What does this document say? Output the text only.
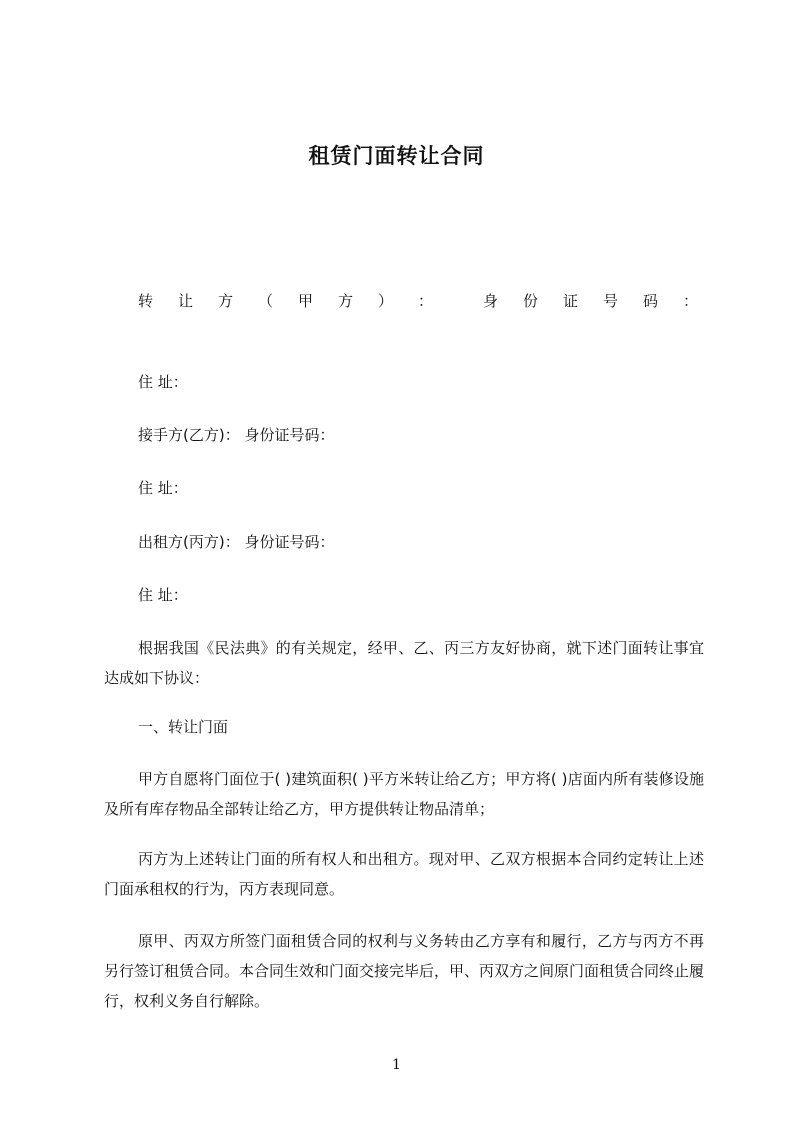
租赁门面转让合同
转 让 方 （ 甲 方 ） ：	身 份 证 号 码 ：
住 址：
接手方(乙方)： 身份证号码：
住 址：
出租方(丙方)： 身份证号码：
住 址：
根据我国《民法典》的有关规定，经甲、乙、丙三方友好协商，就下述门面转让事宜达成如下协议：
一、转让门面
甲方自愿将门面位于( )建筑面积( )平方米转让给乙方；甲方将( )店面内所有装修设施及所有库存物品全部转让给乙方，甲方提供转让物品清单；
丙方为上述转让门面的所有权人和出租方。现对甲、乙双方根据本合同约定转让上述门面承租权的行为，丙方表现同意。
原甲、丙双方所签门面租赁合同的权利与义务转由乙方享有和履行，乙方与丙方不再另行签订租赁合同。本合同生效和门面交接完毕后，甲、丙双方之间原门面租赁合同终止履行，权利义务自行解除。
1
